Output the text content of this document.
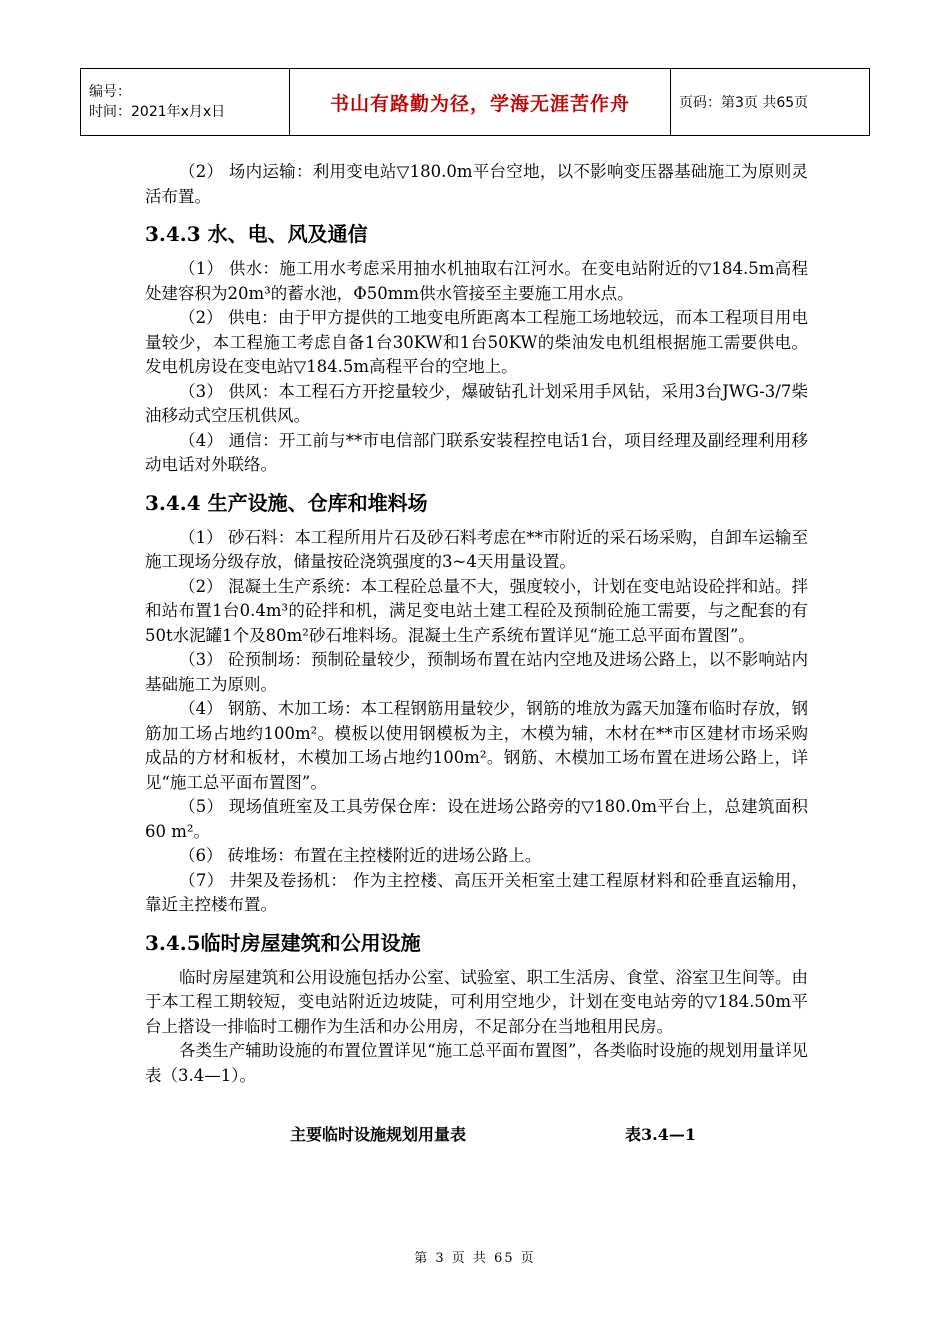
编号：
时间：2021年x月x日	书山有路勤为径，学海无涯苦作舟	页码：第3页 共65页

（2） 场内运输：利用变电站▽180.0m平台空地，以不影响变压器基础施工为原则灵活布置。

3.4.3 水、电、风及通信

（1） 供水：施工用水考虑采用抽水机抽取右江河水。在变电站附近的▽184.5m高程处建容积为20m³的蓄水池，Φ50mm供水管接至主要施工用水点。

（2） 供电：由于甲方提供的工地变电所距离本工程施工场地较远，而本工程项目用电量较少，本工程施工考虑自备1台30KW和1台50KW的柴油发电机组根据施工需要供电。发电机房设在变电站▽184.5m高程平台的空地上。

（3） 供风：本工程石方开挖量较少，爆破钻孔计划采用手风钻，采用3台JWG-3/7柴油移动式空压机供风。

（4） 通信：开工前与**市电信部门联系安装程控电话1台，项目经理及副经理利用移动电话对外联络。

3.4.4 生产设施、仓库和堆料场

（1） 砂石料：本工程所用片石及砂石料考虑在**市附近的采石场采购，自卸车运输至施工现场分级存放，储量按砼浇筑强度的3~4天用量设置。

（2） 混凝土生产系统：本工程砼总量不大，强度较小，计划在变电站设砼拌和站。拌和站布置1台0.4m³的砼拌和机，满足变电站土建工程砼及预制砼施工需要，与之配套的有50t水泥罐1个及80m²砂石堆料场。混凝土生产系统布置详见“施工总平面布置图”。

（3） 砼预制场：预制砼量较少，预制场布置在站内空地及进场公路上，以不影响站内基础施工为原则。

（4） 钢筋、木加工场：本工程钢筋用量较少，钢筋的堆放为露天加篷布临时存放，钢筋加工场占地约100m²。模板以使用钢模板为主，木模为辅，木材在**市区建材市场采购成品的方材和板材，木模加工场占地约100m²。钢筋、木模加工场布置在进场公路上，详见“施工总平面布置图”。

（5） 现场值班室及工具劳保仓库：设在进场公路旁的▽180.0m平台上，总建筑面积60 m²。

（6） 砖堆场：布置在主控楼附近的进场公路上。

（7） 井架及卷扬机： 作为主控楼、高压开关柜室土建工程原材料和砼垂直运输用，靠近主控楼布置。

3.4.5临时房屋建筑和公用设施

临时房屋建筑和公用设施包括办公室、试验室、职工生活房、食堂、浴室卫生间等。由于本工程工期较短，变电站附近边坡陡，可利用空地少，计划在变电站旁的▽184.50m平台上搭设一排临时工棚作为生活和办公用房，不足部分在当地租用民房。

各类生产辅助设施的布置位置详见“施工总平面布置图”，各类临时设施的规划用量详见表（3.4—1）。

主要临时设施规划用量表	表3.4—1
第 3 页 共 65 页
